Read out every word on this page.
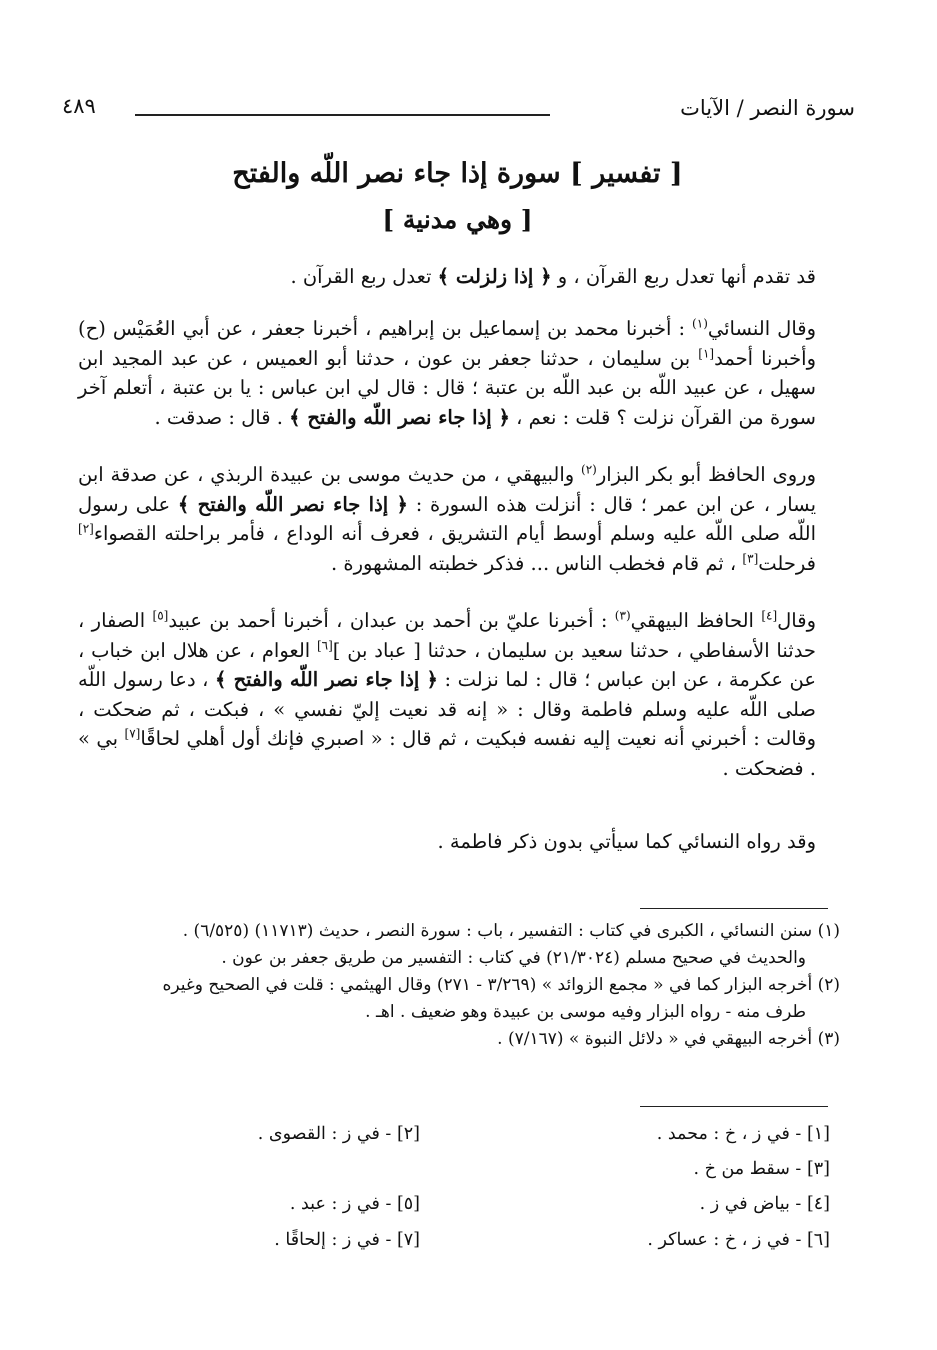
سورة النصر / الآيات
٤٨٩
[ تفسير ] سورة إذا جاء نصر اللّه والفتح
[ وهي مدنية ]

قد تقدم أنها تعدل ربع القرآن ، و ﴿ إذا زلزلت ﴾ تعدل ربع القرآن .

وقال النسائي$^{(١)}$ : أخبرنا محمد بن إسماعيل بن إبراهيم ، أخبرنا جعفر ، عن أبي العُمَيْس (ح) وأخبرنا أحمد[١] بن سليمان ، حدثنا جعفر بن عون ، حدثنا أبو العميس ، عن عبد المجيد ابن سهيل ، عن عبيد اللّه بن عبد اللّه بن عتبة ؛ قال : قال لي ابن عباس : يا بن عتبة ، أتعلم آخر سورة من القرآن نزلت ؟ قلت : نعم ، ﴿ إذا جاء نصر اللّه والفتح ﴾ . قال : صدقت .

وروى الحافظ أبو بكر البزار$^{(٢)}$ والبيهقي ، من حديث موسى بن عبيدة الربذي ، عن صدقة ابن يسار ، عن ابن عمر ؛ قال : أنزلت هذه السورة : ﴿ إذا جاء نصر اللّه والفتح ﴾ على رسول اللّه صلى اللّه عليه وسلم أوسط أيام التشريق ، فعرف أنه الوداع ، فأمر براحلته القصواء[٢] فرحلت[٣] ، ثم قام فخطب الناس ... فذكر خطبته المشهورة .

وقال[٤] الحافظ البيهقي$^{(٣)}$ : أخبرنا عليّ بن أحمد بن عبدان ، أخبرنا أحمد بن عبيد[٥] الصفار ، حدثنا الأسفاطي ، حدثنا سعيد بن سليمان ، حدثنا [ عباد بن ][٦] العوام ، عن هلال ابن خباب ، عن عكرمة ، عن ابن عباس ؛ قال : لما نزلت : ﴿ إذا جاء نصر اللّه والفتح ﴾ ، دعا رسول اللّه صلى اللّه عليه وسلم فاطمة وقال : « إنه قد نعيت إليّ نفسي » ، فبكت ، ثم ضحكت ، وقالت : أخبرني أنه نعيت إليه نفسه فبكيت ، ثم قال : « اصبري فإنك أول أهلي لحاقًا[٧] بي » . فضحكت .

وقد رواه النسائي كما سيأتي بدون ذكر فاطمة .

(١) سنن النسائي ، الكبرى في كتاب : التفسير ، باب : سورة النصر ، حديث (١١٧١٣) (٦/٥٢٥) .

والحديث في صحيح مسلم (٢١/٣٠٢٤) في كتاب : التفسير من طريق جعفر بن عون .

(٢) أخرجه البزار كما في « مجمع الزوائد » (٣/٢٦٩ - ٢٧١) وقال الهيثمي : قلت في الصحيح وغيره

طرف منه - رواه البزار وفيه موسى بن عبيدة وهو ضعيف . اهـ .

(٣) أخرجه البيهقي في « دلائل النبوة » (٧/١٦٧) .

[١] - في ز ، خ : محمد .
[٢] - في ز : القصوى .
[٣] - سقط من خ .
[٤] - بياض في ز .
[٥] - في ز : عبد .
[٦] - في ز ، خ : عساكر .
[٧] - في ز : إلحاقًا .
